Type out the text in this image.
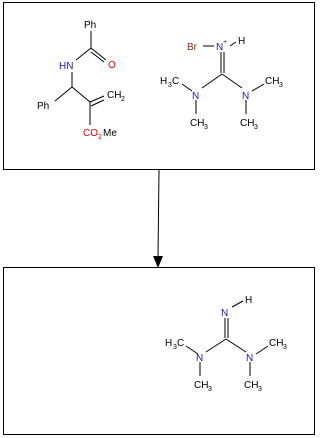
Ph
O
HN
Ph
CH 2
CO 2 Me
Br N + H
H 3 C
N	N
CH 3
CH 3	CH 3
N
H
H 3 C
N	N
CH 3
CH 3	CH 3
